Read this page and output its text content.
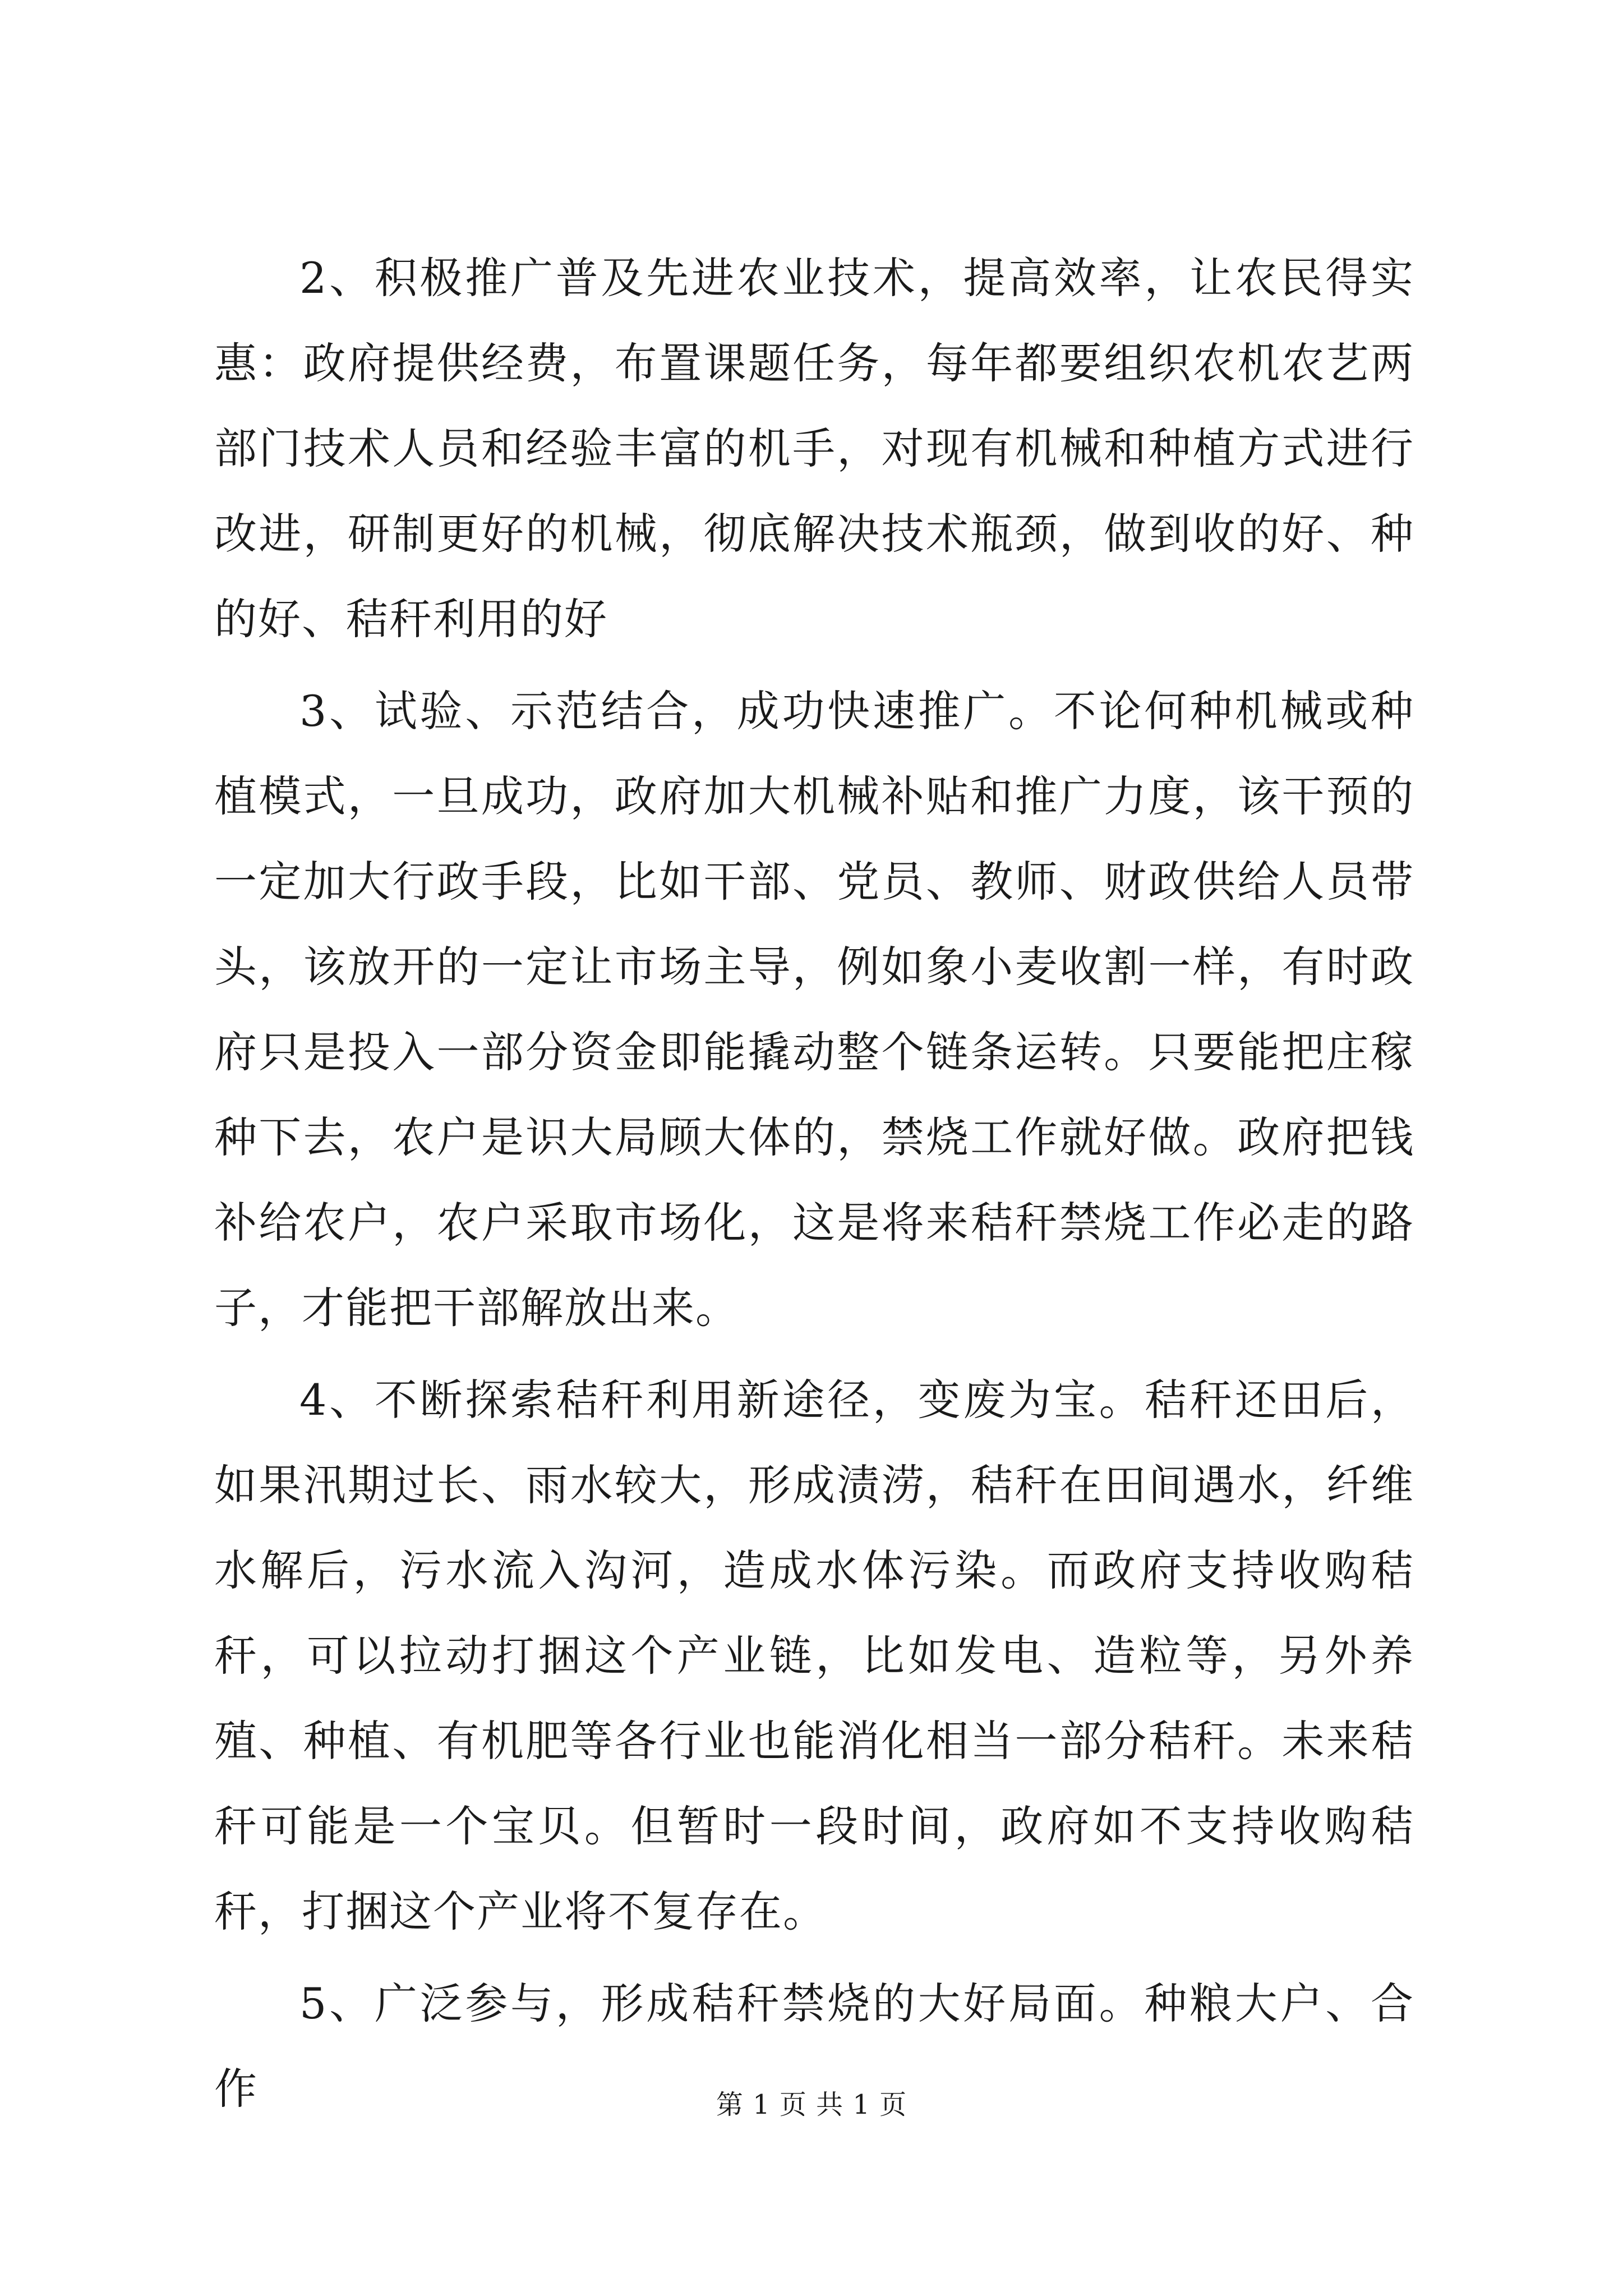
2、积极推广普及先进农业技术，提高效率，让农民得实惠：政府提供经费，布置课题任务，每年都要组织农机农艺两部门技术人员和经验丰富的机手，对现有机械和种植方式进行改进，研制更好的机械，彻底解决技术瓶颈，做到收的好、种的好、秸秆利用的好

3、试验、示范结合，成功快速推广。不论何种机械或种植模式，一旦成功，政府加大机械补贴和推广力度，该干预的一定加大行政手段，比如干部、党员、教师、财政供给人员带头，该放开的一定让市场主导，例如象小麦收割一样，有时政府只是投入一部分资金即能撬动整个链条运转。只要能把庄稼种下去，农户是识大局顾大体的，禁烧工作就好做。政府把钱补给农户，农户采取市场化，这是将来秸秆禁烧工作必走的路子，才能把干部解放出来。

4、不断探索秸秆利用新途径，变废为宝。秸秆还田后，如果汛期过长、雨水较大，形成渍涝，秸秆在田间遇水，纤维水解后，污水流入沟河，造成水体污染。而政府支持收购秸秆，可以拉动打捆这个产业链，比如发电、造粒等，另外养殖、种植、有机肥等各行业也能消化相当一部分秸秆。未来秸秆可能是一个宝贝。但暂时一段时间，政府如不支持收购秸秆，打捆这个产业将不复存在。

5、广泛参与，形成秸秆禁烧的大好局面。种粮大户、合作	第 1 页 共 1 页
